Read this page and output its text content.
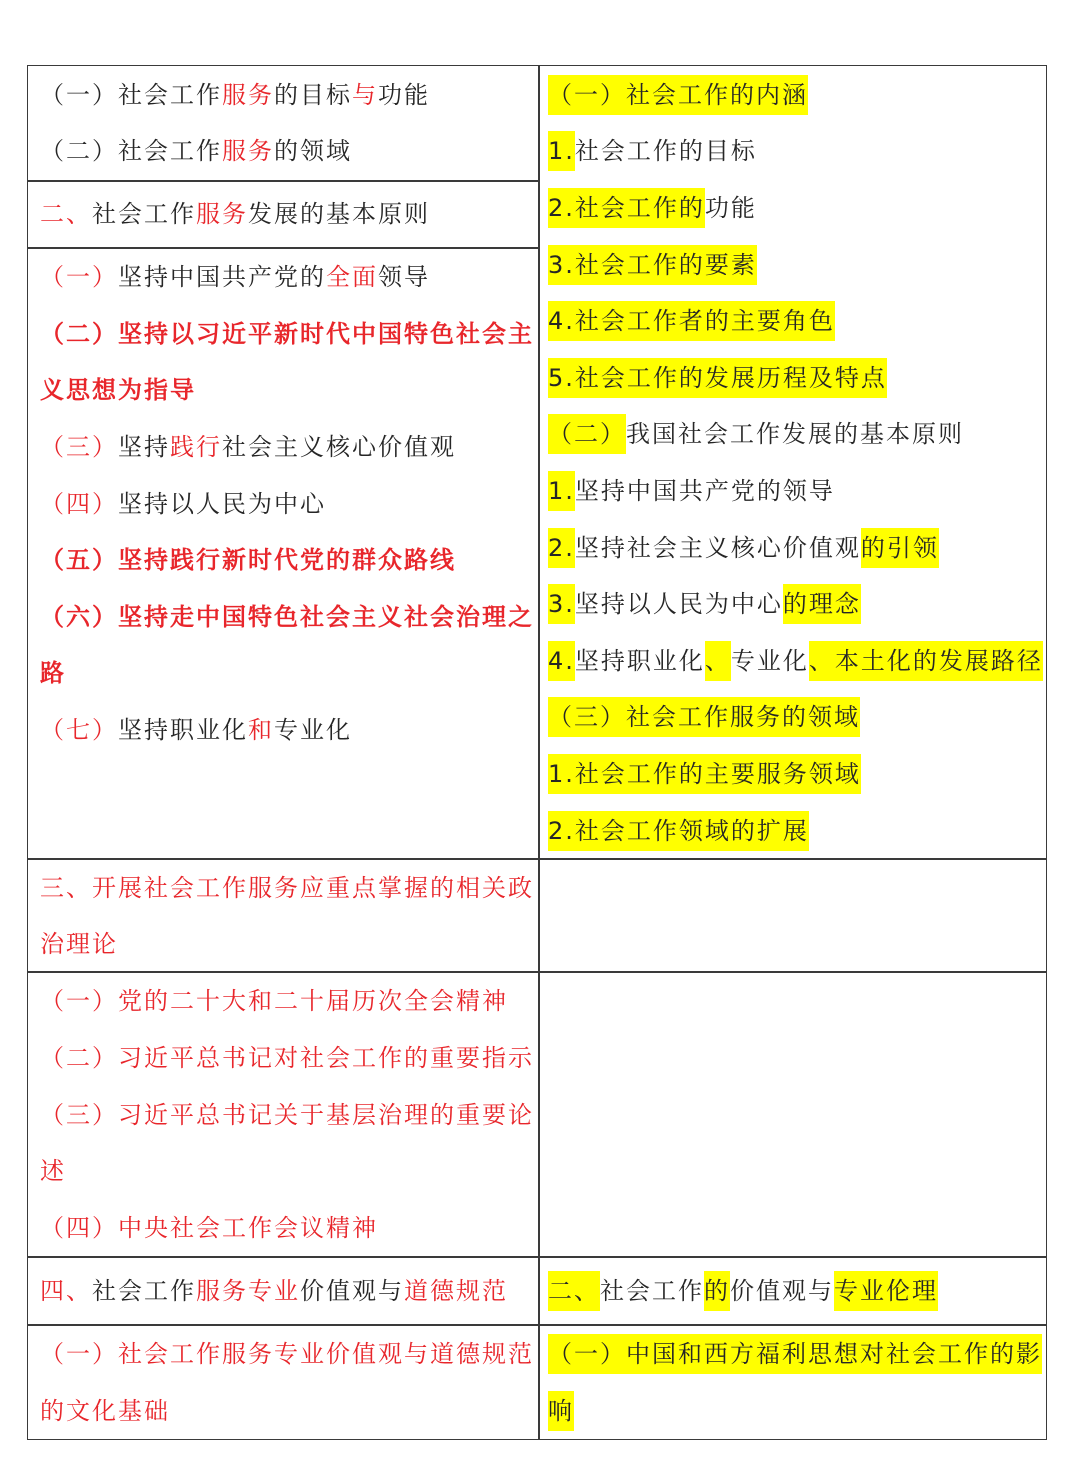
（一）社会工作服务的目标与功能
（二）社会工作服务的领域
二、社会工作服务发展的基本原则
（一）坚持中国共产党的全面领导
（二）坚持以习近平新时代中国特色社会主
义思想为指导
（三）坚持践行社会主义核心价值观
（四）坚持以人民为中心
（五）坚持践行新时代党的群众路线
（六）坚持走中国特色社会主义社会治理之
路
（七）坚持职业化和专业化
三、开展社会工作服务应重点掌握的相关政
治理论
（一）党的二十大和二十届历次全会精神
（二）习近平总书记对社会工作的重要指示
（三）习近平总书记关于基层治理的重要论
述
（四）中央社会工作会议精神
四、社会工作服务专业价值观与道德规范
（一）社会工作服务专业价值观与道德规范
的文化基础
（一）社会工作的内涵
1.社会工作的目标
2.社会工作的功能
3.社会工作的要素
4.社会工作者的主要角色
5.社会工作的发展历程及特点
（二）我国社会工作发展的基本原则
1.坚持中国共产党的领导
2.坚持社会主义核心价值观的引领
3.坚持以人民为中心的理念
4.坚持职业化、专业化、本土化的发展路径
（三）社会工作服务的领域
1.社会工作的主要服务领域
2.社会工作领域的扩展
二、社会工作的价值观与专业伦理
（一）中国和西方福利思想对社会工作的影
响
